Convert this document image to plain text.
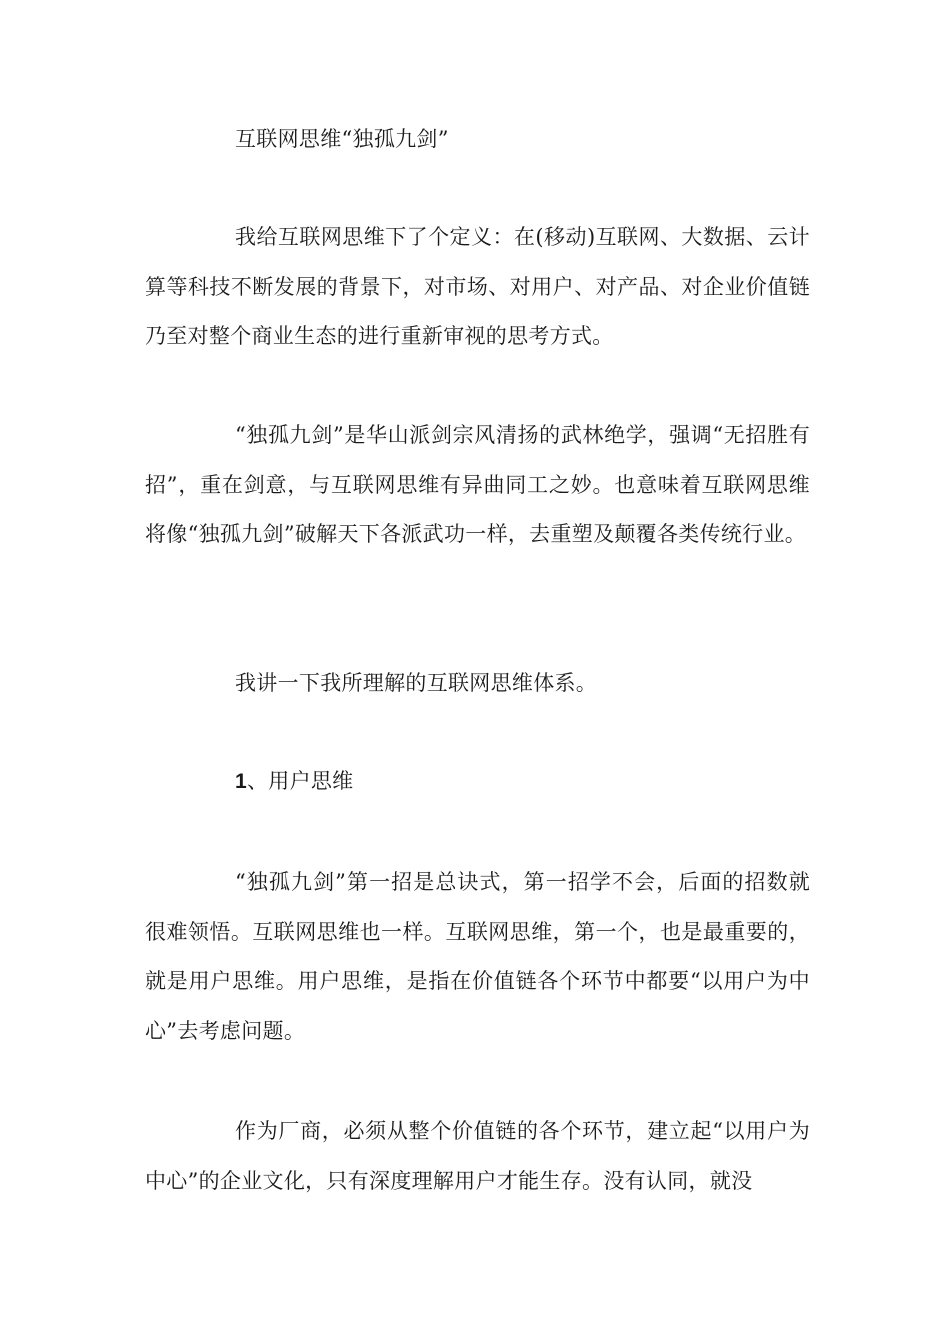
互联网思维“独孤九剑”

我给互联网思维下了个定义：在(移动)互联网、大数据、云计算等科技不断发展的背景下，对市场、对用户、对产品、对企业价值链乃至对整个商业生态的进行重新审视的思考方式。

“独孤九剑”是华山派剑宗风清扬的武林绝学，强调“无招胜有招”，重在剑意，与互联网思维有异曲同工之妙。也意味着互联网思维将像“独孤九剑”破解天下各派武功一样，去重塑及颠覆各类传统行业。

我讲一下我所理解的互联网思维体系。

1、用户思维

“独孤九剑”第一招是总诀式，第一招学不会，后面的招数就很难领悟。互联网思维也一样。互联网思维，第一个，也是最重要的，就是用户思维。用户思维，是指在价值链各个环节中都要“以用户为中心”去考虑问题。

作为厂商，必须从整个价值链的各个环节，建立起“以用户为中心”的企业文化，只有深度理解用户才能生存。没有认同，就没
